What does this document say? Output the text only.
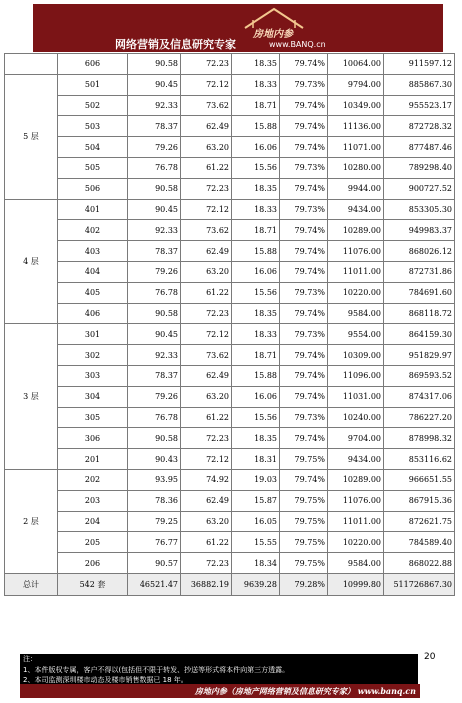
房地内参
www.BANQ.cn
网络营销及信息研究专家
	606	90.58	72.23	18.35	79.74%	10064.00	911597.12
5 层	501	90.45	72.12	18.33	79.73%	9794.00	885867.30
	502	92.33	73.62	18.71	79.74%	10349.00	955523.17
	503	78.37	62.49	15.88	79.74%	11136.00	872728.32
	504	79.26	63.20	16.06	79.74%	11071.00	877487.46
	505	76.78	61.22	15.56	79.73%	10280.00	789298.40
	506	90.58	72.23	18.35	79.74%	9944.00	900727.52
4 层	401	90.45	72.12	18.33	79.73%	9434.00	853305.30
	402	92.33	73.62	18.71	79.74%	10289.00	949983.37
	403	78.37	62.49	15.88	79.74%	11076.00	868026.12
	404	79.26	63.20	16.06	79.74%	11011.00	872731.86
	405	76.78	61.22	15.56	79.73%	10220.00	784691.60
	406	90.58	72.23	18.35	79.74%	9584.00	868118.72
3 层	301	90.45	72.12	18.33	79.73%	9554.00	864159.30
	302	92.33	73.62	18.71	79.74%	10309.00	951829.97
	303	78.37	62.49	15.88	79.74%	11096.00	869593.52
	304	79.26	63.20	16.06	79.74%	11031.00	874317.06
	305	76.78	61.22	15.56	79.73%	10240.00	786227.20
	306	90.58	72.23	18.35	79.74%	9704.00	878998.32
	201	90.43	72.12	18.31	79.75%	9434.00	853116.62
2 层	202	93.95	74.92	19.03	79.74%	10289.00	966651.55
	203	78.36	62.49	15.87	79.75%	11076.00	867915.36
	204	79.25	63.20	16.05	79.75%	11011.00	872621.75
	205	76.77	61.22	15.55	79.75%	10220.00	784589.40
	206	90.57	72.23	18.34	79.75%	9584.00	868022.88
总计	542 套	46521.47	36882.19	9639.28	79.28%	10999.80	511726867.30
20
注：
1、本件版权专属，客户不得以(包括但不限于转发、抄送等形式将本件向第三方透露。
2、本司监测深圳楼市动态及楼市销售数据已 18 年。
房地内参（房地产网络营销及信息研究专家） www.banq.cn
